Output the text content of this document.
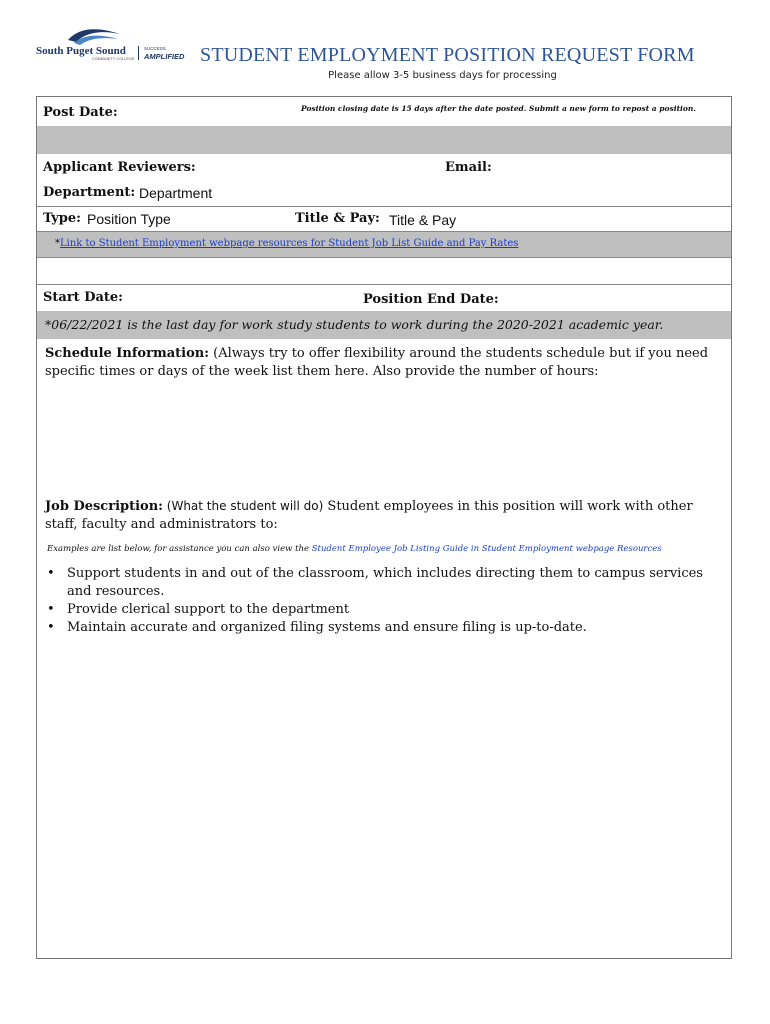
South Puget Sound
COMMUNITY COLLEGE
SUCCESS
AMPLIFIED STUDENT EMPLOYMENT POSITION REQUEST FORM
Please allow 3-5 business days for processing
Post Date:	Position closing date is 15 days after the date posted. Submit a new form to repost a position.
Applicant Reviewers:	Email:
Department: Department
Type: Position Type	Title & Pay: Title & Pay
*Link to Student Employment webpage resources for Student Job List Guide and Pay Rates
Start Date:	Position End Date:
*06/22/2021 is the last day for work study students to work during the 2020-2021 academic year.
Schedule Information: (Always try to offer flexibility around the students schedule but if you need specific times or days of the week list them here. Also provide the number of hours:
Job Description: (What the student will do) Student employees in this position will work with other staff, faculty and administrators to:
Examples are list below, for assistance you can also view the Student Employee Job Listing Guide in Student Employment webpage Resources
• Support students in and out of the classroom, which includes directing them to campus services and resources.
• Provide clerical support to the department
• Maintain accurate and organized filing systems and ensure filing is up-to-date.
